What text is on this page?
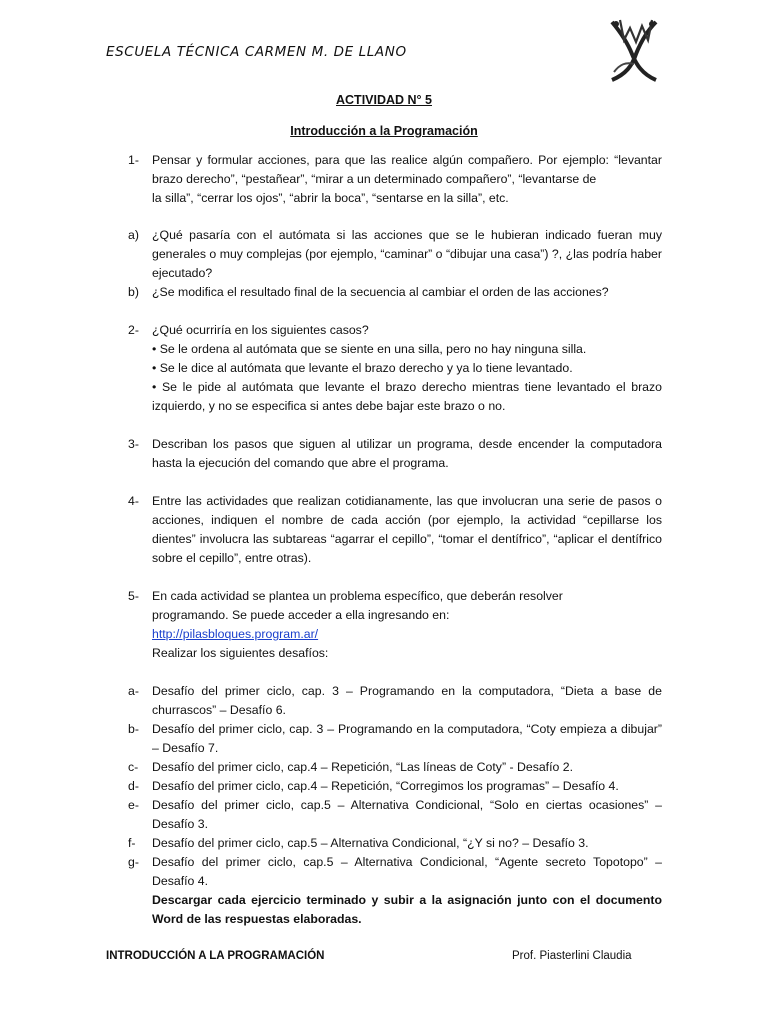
ESCUELA TÉCNICA CARMEN M. DE LLANO
ACTIVIDAD N° 5
Introducción a la Programación
1- Pensar y formular acciones, para que las realice algún compañero. Por ejemplo: “levantar brazo derecho”, “pestañear”, “mirar a un determinado compañero”, “levantarse de
la silla”, “cerrar los ojos”, “abrir la boca”, “sentarse en la silla”, etc.
a) ¿Qué pasaría con el autómata si las acciones que se le hubieran indicado fueran muy generales o muy complejas (por ejemplo, “caminar” o “dibujar una casa”) ?, ¿las podría haber ejecutado?
b) ¿Se modifica el resultado final de la secuencia al cambiar el orden de las acciones?
2- ¿Qué ocurriría en los siguientes casos?
• Se le ordena al autómata que se siente en una silla, pero no hay ninguna silla.
• Se le dice al autómata que levante el brazo derecho y ya lo tiene levantado.
• Se le pide al autómata que levante el brazo derecho mientras tiene levantado el brazo izquierdo, y no se especifica si antes debe bajar este brazo o no.
3- Describan los pasos que siguen al utilizar un programa, desde encender la computadora hasta la ejecución del comando que abre el programa.
4- Entre las actividades que realizan cotidianamente, las que involucran una serie de pasos o acciones, indiquen el nombre de cada acción (por ejemplo, la actividad “cepillarse los dientes” involucra las subtareas “agarrar el cepillo”, “tomar el dentífrico”, “aplicar el dentífrico sobre el cepillo”, entre otras).
5- En cada actividad se plantea un problema específico, que deberán resolver
programando. Se puede acceder a ella ingresando en:
http://pilasbloques.program.ar/
Realizar los siguientes desafíos:
a- Desafío del primer ciclo, cap. 3 – Programando en la computadora, “Dieta a base de churrascos” – Desafío 6.
b- Desafío del primer ciclo, cap. 3 – Programando en la computadora, “Coty empieza a dibujar” – Desafío 7.
c- Desafío del primer ciclo, cap.4 – Repetición, “Las líneas de Coty” - Desafío 2.
d- Desafío del primer ciclo, cap.4 – Repetición, “Corregimos los programas” – Desafío 4.
e- Desafío del primer ciclo, cap.5 – Alternativa Condicional, “Solo en ciertas ocasiones” – Desafío 3.
f- Desafío del primer ciclo, cap.5 – Alternativa Condicional, “¿Y si no? – Desafío 3.
g- Desafío del primer ciclo, cap.5 – Alternativa Condicional, “Agente secreto Topotopo” – Desafío 4.
Descargar cada ejercicio terminado y subir a la asignación junto con el documento Word de las respuestas elaboradas.
INTRODUCCIÓN A LA PROGRAMACIÓN	Prof. Piasterlini Claudia
